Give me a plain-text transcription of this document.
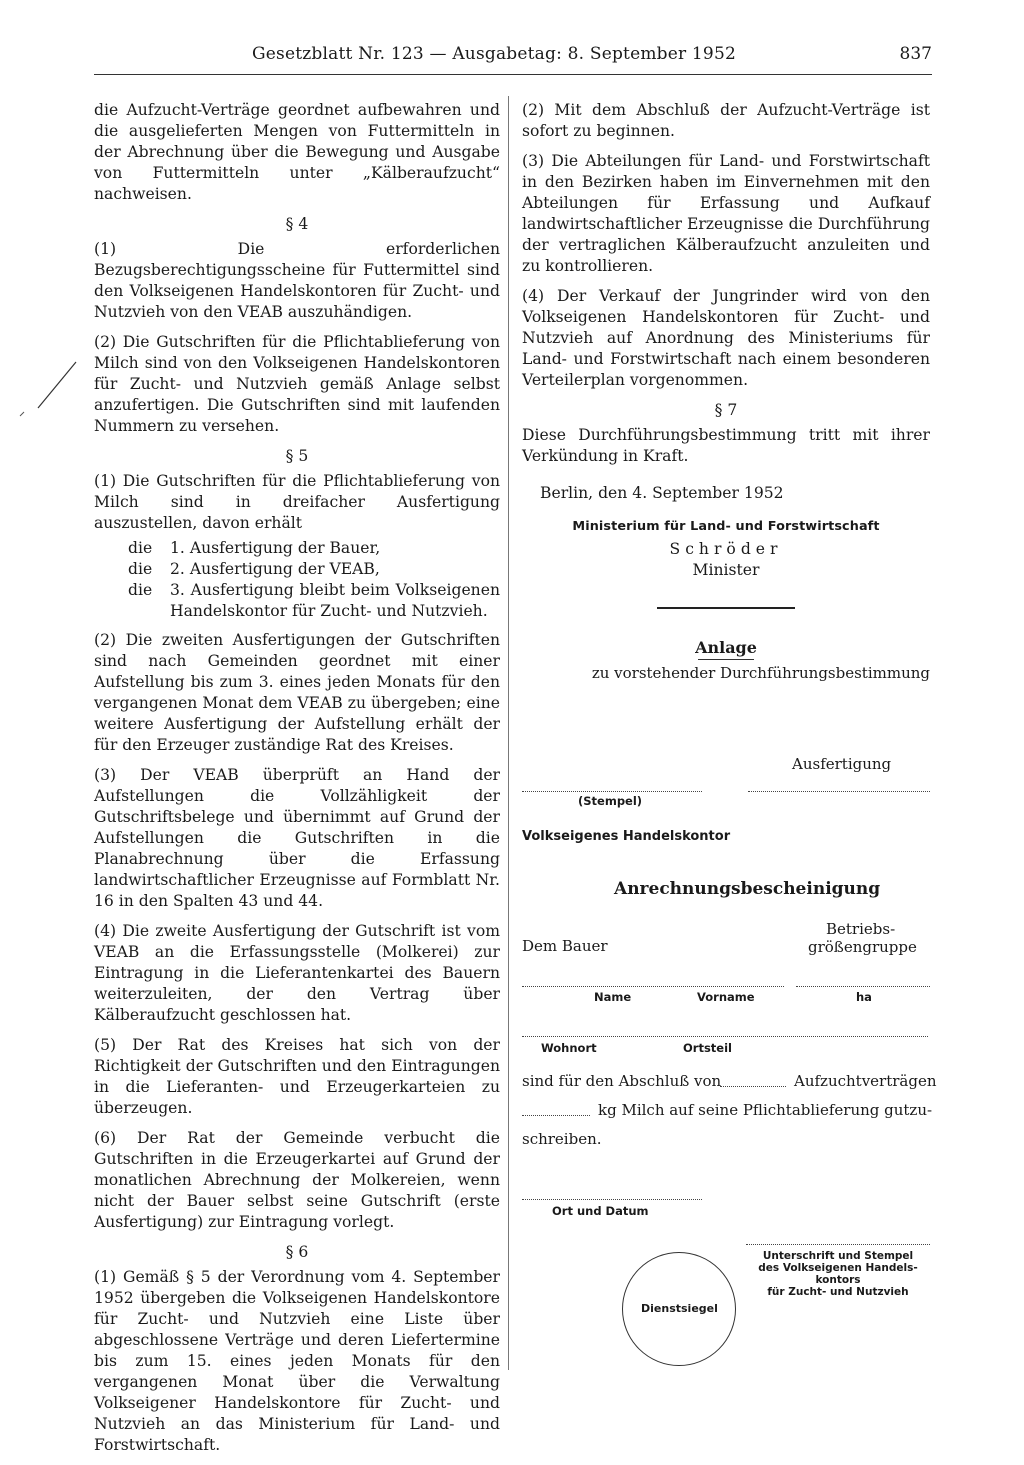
Gesetzblatt Nr. 123 — Ausgabetag: 8. September 1952	837

die Aufzucht-Verträge geordnet aufbewahren und die ausgelieferten Mengen von Futtermitteln in der Abrechnung über die Bewegung und Ausgabe von Futtermitteln unter „Kälberaufzucht“ nachweisen.

§ 4

(1) Die erforderlichen Bezugsberechtigungsscheine für Futtermittel sind den Volkseigenen Handelskontoren für Zucht- und Nutzvieh von den VEAB auszuhändigen.

(2) Die Gutschriften für die Pflichtablieferung von Milch sind von den Volkseigenen Handelskontoren für Zucht- und Nutzvieh gemäß Anlage selbst anzufertigen. Die Gutschriften sind mit laufenden Nummern zu versehen.

§ 5

(1) Die Gutschriften für die Pflichtablieferung von Milch sind in dreifacher Ausfertigung auszustellen, davon erhält

die	1. Ausfertigung der Bauer,
die	2. Ausfertigung der VEAB,
die	3. Ausfertigung bleibt beim Volkseigenen Handelskontor für Zucht- und Nutzvieh.

(2) Die zweiten Ausfertigungen der Gutschriften sind nach Gemeinden geordnet mit einer Aufstellung bis zum 3. eines jeden Monats für den vergangenen Monat dem VEAB zu übergeben; eine weitere Ausfertigung der Aufstellung erhält der für den Erzeuger zuständige Rat des Kreises.

(3) Der VEAB überprüft an Hand der Aufstellungen die Vollzähligkeit der Gutschriftsbelege und übernimmt auf Grund der Aufstellungen die Gutschriften in die Planabrechnung über die Erfassung landwirtschaftlicher Erzeugnisse auf Formblatt Nr. 16 in den Spalten 43 und 44.

(4) Die zweite Ausfertigung der Gutschrift ist vom VEAB an die Erfassungsstelle (Molkerei) zur Eintragung in die Lieferantenkartei des Bauern weiterzuleiten, der den Vertrag über Kälberaufzucht geschlossen hat.

(5) Der Rat des Kreises hat sich von der Richtigkeit der Gutschriften und den Eintragungen in die Lieferanten- und Erzeugerkarteien zu überzeugen.

(6) Der Rat der Gemeinde verbucht die Gutschriften in die Erzeugerkartei auf Grund der monatlichen Abrechnung der Molkereien, wenn nicht der Bauer selbst seine Gutschrift (erste Ausfertigung) zur Eintragung vorlegt.

§ 6

(1) Gemäß § 5 der Verordnung vom 4. September 1952 übergeben die Volkseigenen Handelskontore für Zucht- und Nutzvieh eine Liste über abgeschlossene Verträge und deren Liefertermine bis zum 15. eines jeden Monats für den vergangenen Monat über die Verwaltung Volkseigener Handelskontore für Zucht- und Nutzvieh an das Ministerium für Land- und Forstwirtschaft.

(2) Mit dem Abschluß der Aufzucht-Verträge ist sofort zu beginnen.

(3) Die Abteilungen für Land- und Forstwirtschaft in den Bezirken haben im Einvernehmen mit den Abteilungen für Erfassung und Aufkauf landwirtschaftlicher Erzeugnisse die Durchführung der vertraglichen Kälberaufzucht anzuleiten und zu kontrollieren.

(4) Der Verkauf der Jungrinder wird von den Volkseigenen Handelskontoren für Zucht- und Nutzvieh auf Anordnung des Ministeriums für Land- und Forstwirtschaft nach einem besonderen Verteilerplan vorgenommen.

§ 7

Diese Durchführungsbestimmung tritt mit ihrer Verkündung in Kraft.

Berlin, den 4. September 1952

Ministerium für Land- und Forstwirtschaft
Schröder
Minister
Anlage
zu vorstehender Durchführungsbestimmung
Ausfertigung
(Stempel)
Volkseigenes Handelskontor
Anrechnungsbescheinigung
Dem Bauer
Betriebs-
größengruppe
Name	Vorname	ha
Wohnort	Ortsteil
sind für den Abschluß von	Aufzuchtverträgen
kg Milch auf seine Pflichtablieferung gutzu-
schreiben.
Ort und Datum
Dienstsiegel
Unterschrift und Stempel
des Volkseigenen Handels-
kontors
für Zucht- und Nutzvieh
